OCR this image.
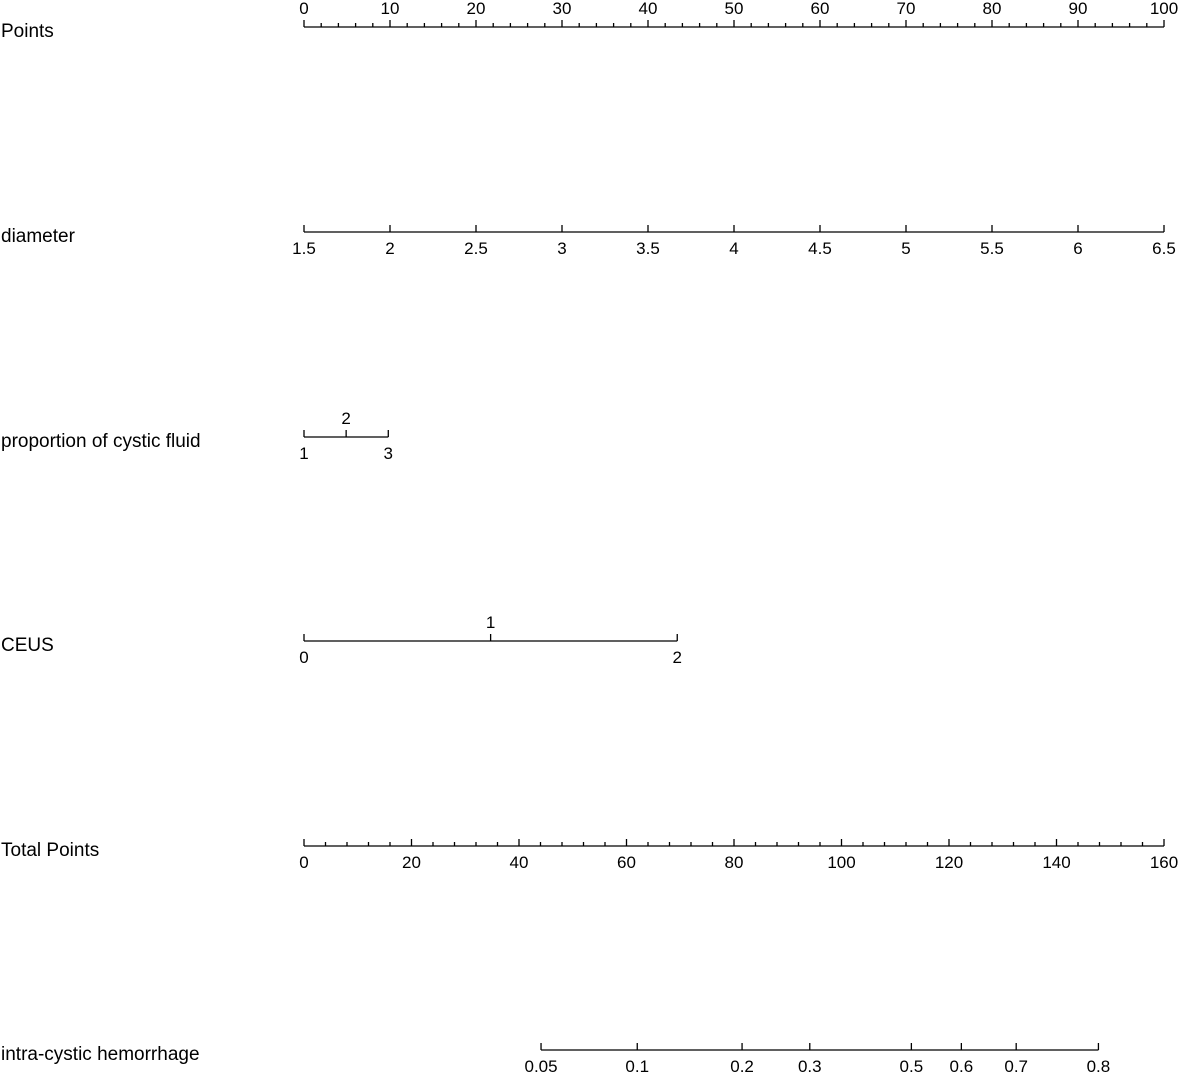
Points
diameter
proportion of cystic fluid
CEUS
Total Points
intra-cystic hemorrhage
0	10	20	30	40	50	60	70	80	90	100
1.5	2	2.5	3	3.5	4	4.5	5	5.5	6	6.5
1
2
3
0
1
2
0	20	40	60	80	100	120	140	160
0.05	0.1	0.2	0.3	0.5 0.6 0.7	0.8
